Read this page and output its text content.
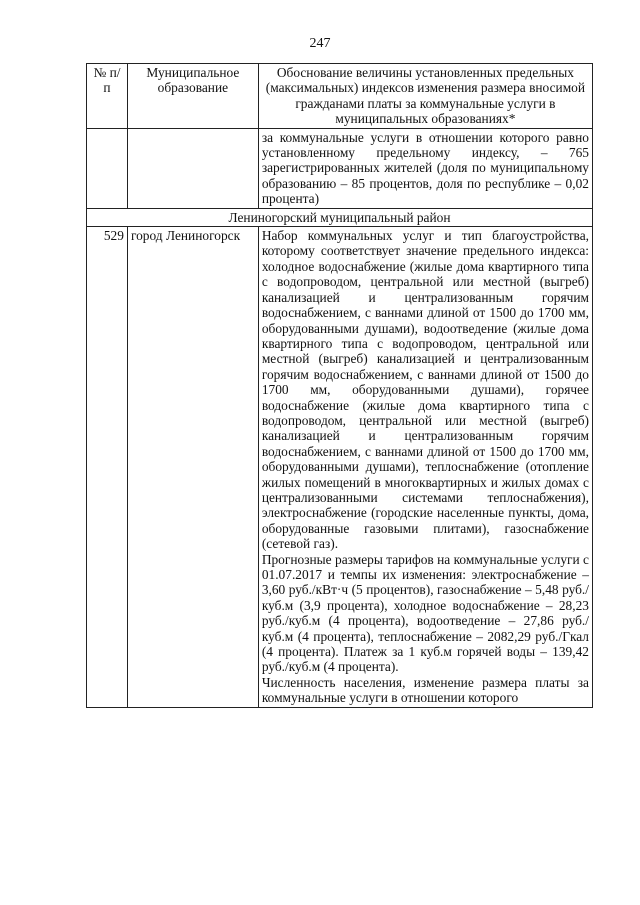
247
№ п/п	Муниципальное образование	Обоснование величины установленных предельных (максимальных) индексов изменения размера вносимой гражданами платы за коммунальные услуги в муниципальных образованиях*

		за коммунальные услуги в отношении которого равно установленному предельному индексу, – 765 зарегистрированных жителей (доля по муниципальному образованию – 85 процентов, доля по республике – 0,02 процента)

Лениногорский муниципальный район		
529	город Лениногорск	Набор коммунальных услуг и тип благоустройства, которому соответствует значение предельного индекса: холодное водоснабжение (жилые дома квартирного типа с водопроводом, центральной или местной (выгреб) канализацией и централизованным горячим водоснабжением, с ваннами длиной от 1500 до 1700 мм, оборудованными душами), водоотведение (жилые дома квартирного типа с водопроводом, центральной или местной (выгреб) канализацией и централизованным горячим водоснабжением, с ваннами длиной от 1500 до 1700 мм, оборудованными душами), горячее водоснабжение (жилые дома квартирного типа с водопроводом, центральной или местной (выгреб) канализацией и централизованным горячим водоснабжением, с ваннами длиной от 1500 до 1700 мм, оборудованными душами), теплоснабжение (отопление жилых помещений в многоквартирных и жилых домах с централизованными системами теплоснабжения), электроснабжение (городские населенные пункты, дома, оборудованные газовыми плитами), газоснабжение (сетевой газ).

Прогнозные размеры тарифов на коммунальные услуги с 01.07.2017 и темпы их изменения: электроснабжение – 3,60 руб./кВт·ч (5 процентов), газоснабжение – 5,48 руб./куб.м (3,9 процента), холодное водоснабжение – 28,23 руб./куб.м (4 процента), водоотведение – 27,86 руб./куб.м (4 процента), теплоснабжение – 2082,29 руб./Гкал (4 процента). Платеж за 1 куб.м горячей воды – 139,42 руб./куб.м (4 процента).

Численность населения, изменение размера платы за коммунальные услуги в отношении которого
